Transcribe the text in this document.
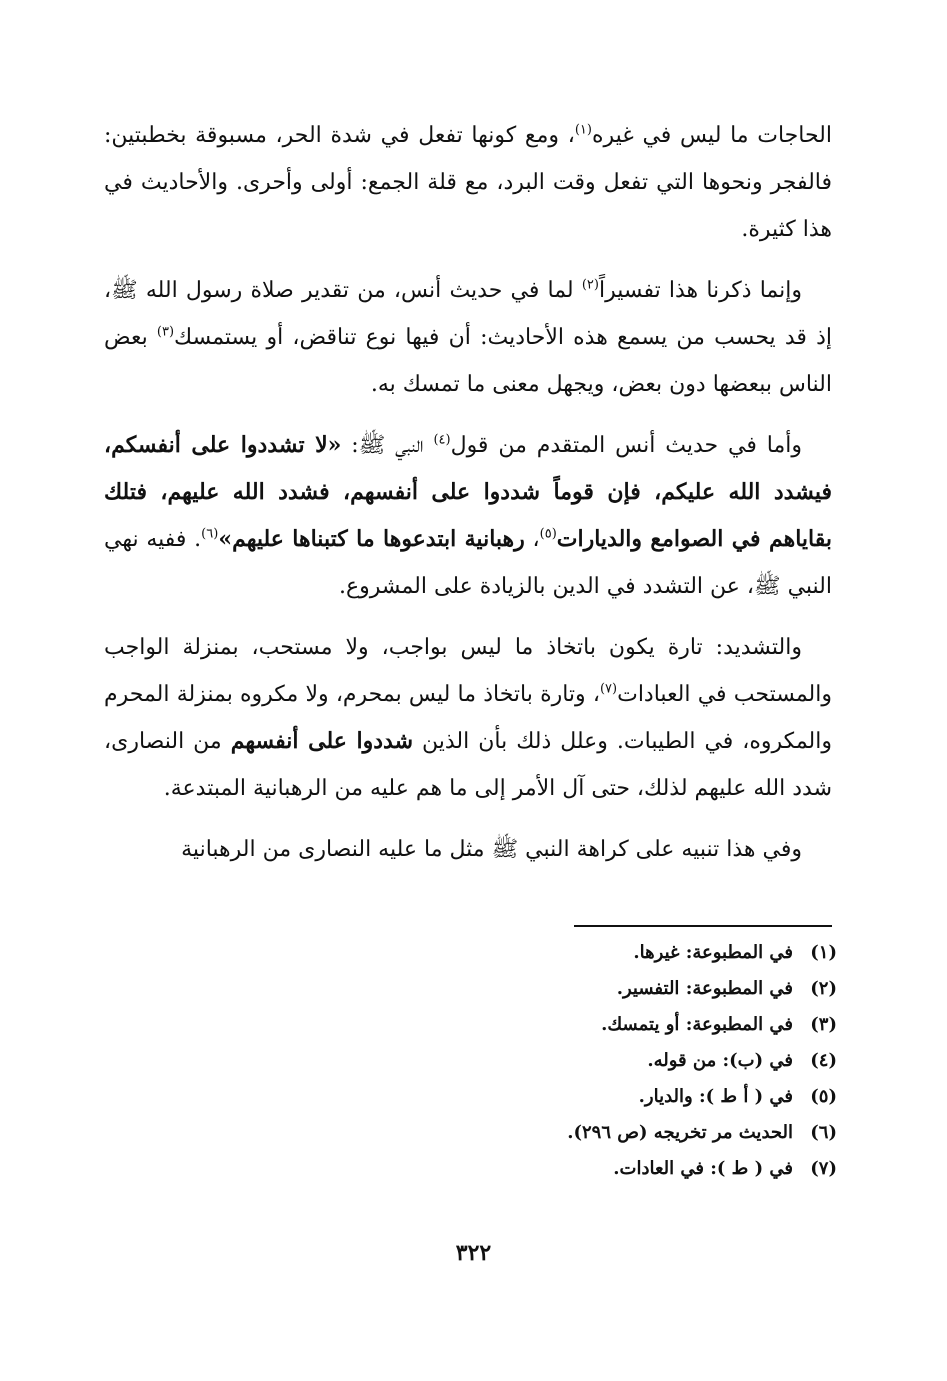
الحاجات ما ليس في غيره$^{(١)}$، ومع كونها تفعل في شدة الحر، مسبوقة بخطبتين: فالفجر ونحوها التي تفعل وقت البرد، مع قلة الجمع: أولى وأحرى. والأحاديث في هذا كثيرة.

وإنما ذكرنا هذا تفسيراً$^{(٢)}$ لما في حديث أنس، من تقدير صلاة رسول الله ﷺ، إذ قد يحسب من يسمع هذه الأحاديث: أن فيها نوع تناقض، أو يستمسك$^{(٣)}$ بعض الناس ببعضها دون بعض، ويجهل معنى ما تمسك به.

وأما في حديث أنس المتقدم من قول$^{(٤)}$ النبي ﷺ: «لا تشددوا على أنفسكم، فيشدد الله عليكم، فإن قوماً شددوا على أنفسهم، فشدد الله عليهم، فتلك بقاياهم في الصوامع والديارات$^{(٥)}$، رهبانية ابتدعوها ما كتبناها عليهم»$^{(٦)}$. ففيه نهي النبي ﷺ، عن التشدد في الدين بالزيادة على المشروع.

والتشديد: تارة يكون باتخاذ ما ليس بواجب، ولا مستحب، بمنزلة الواجب والمستحب في العبادات$^{(٧)}$، وتارة باتخاذ ما ليس بمحرم، ولا مكروه بمنزلة المحرم والمكروه، في الطيبات. وعلل ذلك بأن الذين شددوا على أنفسهم من النصارى، شدد الله عليهم لذلك، حتى آل الأمر إلى ما هم عليه من الرهبانية المبتدعة.

وفي هذا تنبيه على كراهة النبي ﷺ مثل ما عليه النصارى من الرهبانية

(١)
في المطبوعة: غيرها.
(٢)
في المطبوعة: التفسير.
(٣)
في المطبوعة: أو يتمسك.
(٤)
في (ب): من قوله.
(٥)
في ( أ ط ): والديار.
(٦)
الحديث مر تخريجه (ص ٢٩٦).
(٧)
في ( ط ): في العادات.
٣٢٢
